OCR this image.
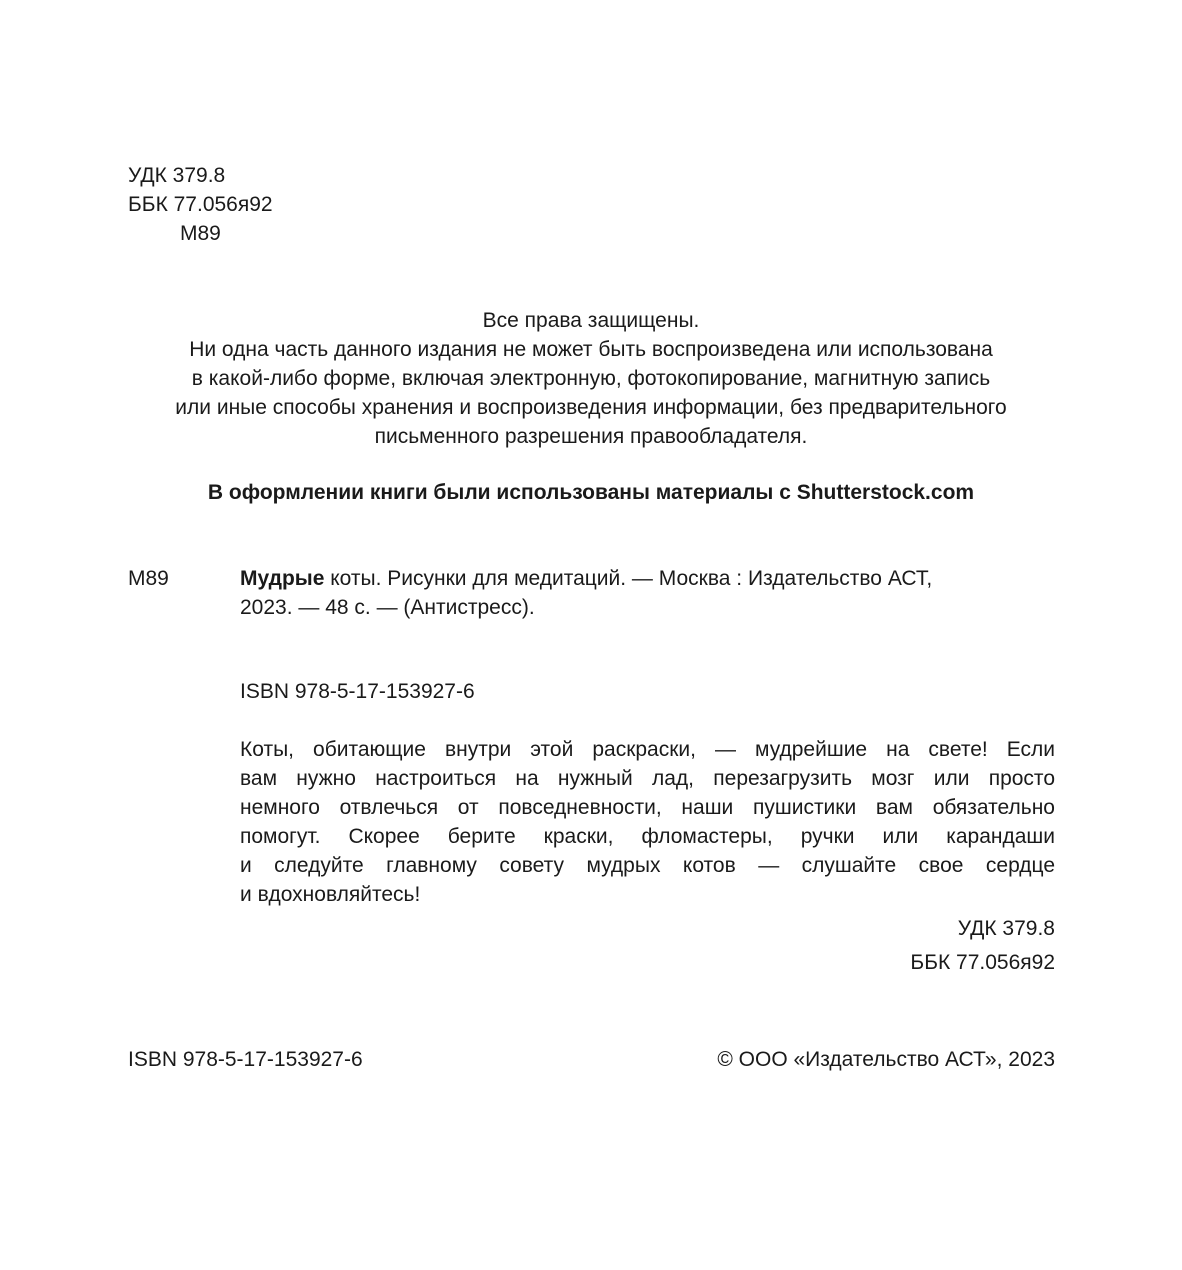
УДК 379.8
ББК 77.056я92
М89
Все права защищены.
Ни одна часть данного издания не может быть воспроизведена или использована
в какой-либо форме, включая электронную, фотокопирование, магнитную запись
или иные способы хранения и воспроизведения информации, без предварительного
письменного разрешения правообладателя.
В оформлении книги были использованы материалы с Shutterstock.com
М89	Мудрые коты. Рисунки для медитаций. — Москва : Издательство АСТ,
2023. — 48 с. — (Антистресс).
ISBN 978-5-17-153927-6
Коты, обитающие внутри этой раскраски, — мудрейшие на свете! Если
вам нужно настроиться на нужный лад, перезагрузить мозг или просто
немного отвлечься от повседневности, наши пушистики вам обязательно
помогут. Скорее берите краски, фломастеры, ручки или карандаши
и следуйте главному совету мудрых котов — слушайте свое сердце
и вдохновляйтесь!
УДК 379.8
ББК 77.056я92
ISBN 978-5-17-153927-6	© ООО «Издательство АСТ», 2023
